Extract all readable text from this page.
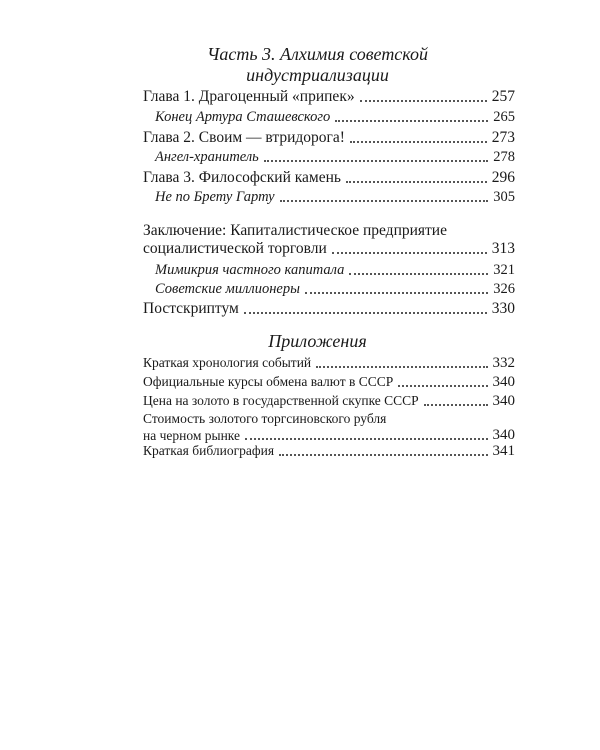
Часть 3. Алхимия советской
индустриализации
Глава 1. Драгоценный «припек»	257
Конец Артура Сташевского	265
Глава 2. Своим — втридорога!	273
Ангел-хранитель	278
Глава 3. Философский камень	296
Не по Брету Гарту	305
Заключение: Капиталистическое предприятие
социалистической торговли	313
Мимикрия частного капитала	321
Советские миллионеры	326
Постскриптум	330
Приложения
Краткая хронология событий	332
Официальные курсы обмена валют в СССР	340
Цена на золото в государственной скупке СССР	340
Стоимость золотого торгсиновского рубля
на черном рынке	340
Краткая библиография	341
